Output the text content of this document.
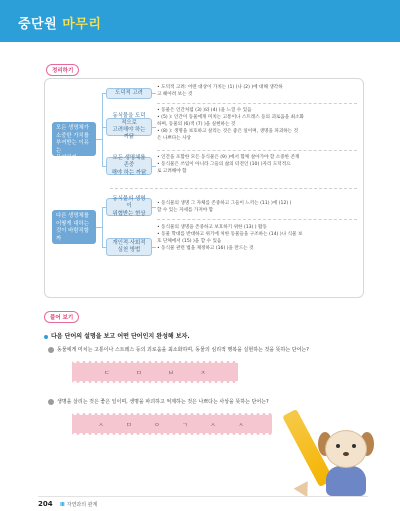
중단원 마무리
정리하기
모든 생명체가
소중한 가치를
부여받는 이유는
무엇일까
다른 생명체를
어떻게 대하는
것이 바람직할
까
도덕적 고려
동식물을 도덕적으로
고려해야 하는 까닭
모든 생명체를 존중
해야 하는 까닭
동식물의 생명이
위협받는 현상
개인적·사회적
실천 방법
• 도덕적 고려: 어떤 대상이 가치는 (1) )나 (2) )에 대해 생각하
고 헤아려 보는 것
• 동물은 인간처럼 (3) )와 (4) )을 느낄 수 있음
• (5) ): 인간이 동물에게 미치는 고통이나 스트레스 등의 괴로움을 최소화
하며, 동물의 (6)적 (7) )을 실현하는 것
• (8) ): 생명을 보호하고 살리는 것은 좋은 일이며, 생명을 파괴하는 것
은 나쁘다는 사상
• 인간을 포함한 모든 동식물은 (9) )에서 함께 살아가야 할 소중한 존재
• 동식물은 쓰임이 아니라 그들의 삶의 터전인 (10) )자리 도덕적으
로 고려해야 함
• 동식물의 생명 그 자체를 존중하고 그들이 느끼는 (11) )에 (12) )
할 수 있는 자세를 가져야 함
• 동식물의 생명을 존중하고 보호하기 위한 (13) ) 활동
• 동물 학대를 반대하고 위기에 처한 동물들을 구조하는 (14) )나 식물 보
호 단체에서 (15) )을 할 수 있음
• 동식물 관련 법을 제정하고 (16) )을 만드는 것
풀어 보기
다음 단어의 설명을 보고 어떤 단어인지 완성해 보자.
동물에게 미치는 고통이나 스트레스 등의 괴로움을 최소화하며, 동물의 심리적 행복을 실현하는 것을 뜻하는 단어는?
ㄷ	ㅁ	ㅂ	ㅈ
생명을 살리는 것은 좋은 일이며, 생명을 파괴하고 억제하는 것은 나쁘다는 사상을 뜻하는 단어는?
ㅅ	ㅁ	ㅇ	ㄱ	ㅅ	ㅅ
204 Ⅲ 자연과의 관계
